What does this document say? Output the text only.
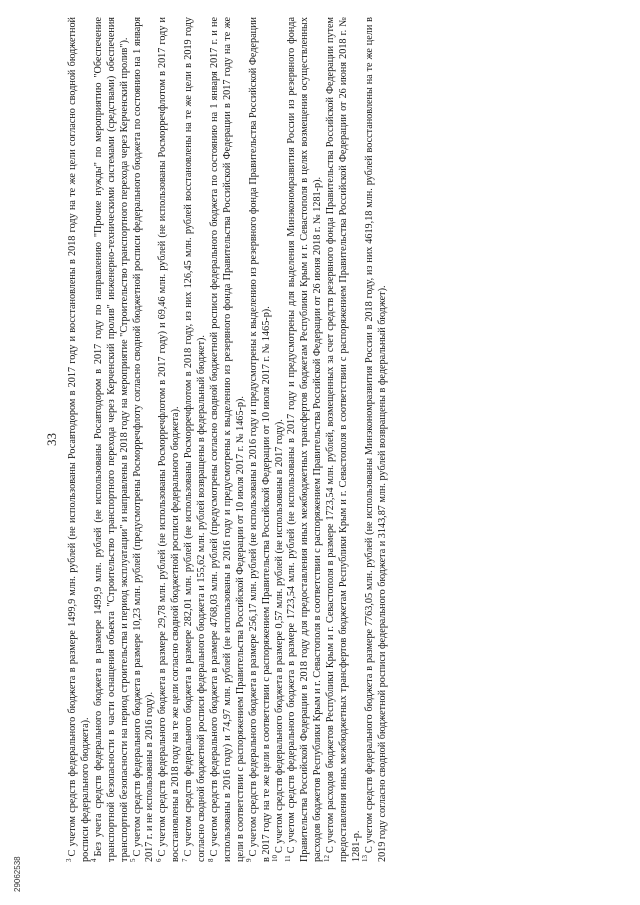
33

$^3$С учетом средств федерального бюджета в размере 1499,9 млн. рублей (не использованы Росавтодором в 2017 году и восстановлены в 2018 году на те же цели согласно сводной бюджетной росписи федерального бюджета). $^4$Без учета средств федерального бюджета в размере 1499,9 млн. рублей (не использованы Росавтодором в 2017 году по направлению "Прочие нужды" по мероприятию "Обеспечение транспортной безопасности в части оснащения объекта "Строительство транспортного перехода через Керченский пролив" инженерно-техническими системами (средствами) обеспечения транспортной безопасности на период строительства и период эксплуатации" и направлены в 2018 году на мероприятие "Строительство транспортного перехода через Керченский пролив"). $^5$С учетом средств федерального бюджета в размере 10,23 млн. рублей (предусмотрены Росморречфлоту согласно сводной бюджетной росписи федерального бюджета по состоянию на 1 января 2017 г. и не использованы в 2016 году). $^6$С учетом средств федерального бюджета в размере 29,78 млн. рублей (не использованы Росморречфлотом в 2017 году) и 69,46 млн. рублей (не использованы Росморречфлотом в 2017 году и восстановлены в 2018 году на те же цели согласно сводной бюджетной росписи федерального бюджета). $^7$С учетом средств федерального бюджета в размере 282,01 млн. рублей (не использованы Росморречфлотом в 2018 году, из них 126,45 млн. рублей восстановлены на те же цели в 2019 году согласно сводной бюджетной росписи федерального бюджета и 155,62 млн. рублей возвращены в федеральный бюджет). $^8$С учетом средств федерального бюджета в размере 4768,03 млн. рублей (предусмотрены согласно сводной бюджетной росписи федерального бюджета по состоянию на 1 января 2017 г. и не использованы в 2016 году) и 74,97 млн. рублей (не использованы в 2016 году и предусмотрены к выделению из резервного фонда Правительства Российской Федерации в 2017 году на те же цели в соответствии с распоряжением Правительства Российской Федерации от 10 июля 2017 г. № 1465-р). $^9$С учетом средств федерального бюджета в размере 256,17 млн. рублей (не использованы в 2016 году и предусмотрены к выделению из резервного фонда Правительства Российской Федерации в 2017 году на те же цели в соответствии с распоряжением Правительства Российской Федерации от 10 июля 2017 г. № 1465-р). $^{10}$С учетом средств федерального бюджета в размере 0,57 млн. рублей (не использованы в 2017 году).

$^{11}$С учетом средств федерального бюджета в размере 1723,54 млн. рублей (не использованы в 2017 году и предусмотрены для выделения Минэкономразвития России из резервного фонда Правительства Российской Федерации в 2018 году для предоставления иных межбюджетных трансфертов бюджетам Республики Крым и г. Севастополя в целях возмещения осуществленных расходов бюджетов Республики Крым и г. Севастополя в соответствии с распоряжением Правительства Российской Федерации от 26 июня 2018 г. № 1281-р). $^{12}$С учетом расходов бюджетов Республики Крым и г. Севастополя в размере 1723,54 млн. рублей, возмещенных за счет средств резервного фонда Правительства Российской Федерации путем предоставления иных межбюджетных трансфертов бюджетам Республики Крым и г. Севастополя в соответствии с распоряжением Правительства Российской Федерации от 26 июня 2018 г. № 1281-р. $^{13}$С учетом средств федерального бюджета в размере 7763,05 млн. рублей (не использованы Минэкономразвития России в 2018 году, из них 4619,18 млн. рублей восстановлены на те же цели в 2019 году согласно сводной бюджетной росписи федерального бюджета и 3143,87 млн. рублей возвращены в федеральный бюджет).

29062538
